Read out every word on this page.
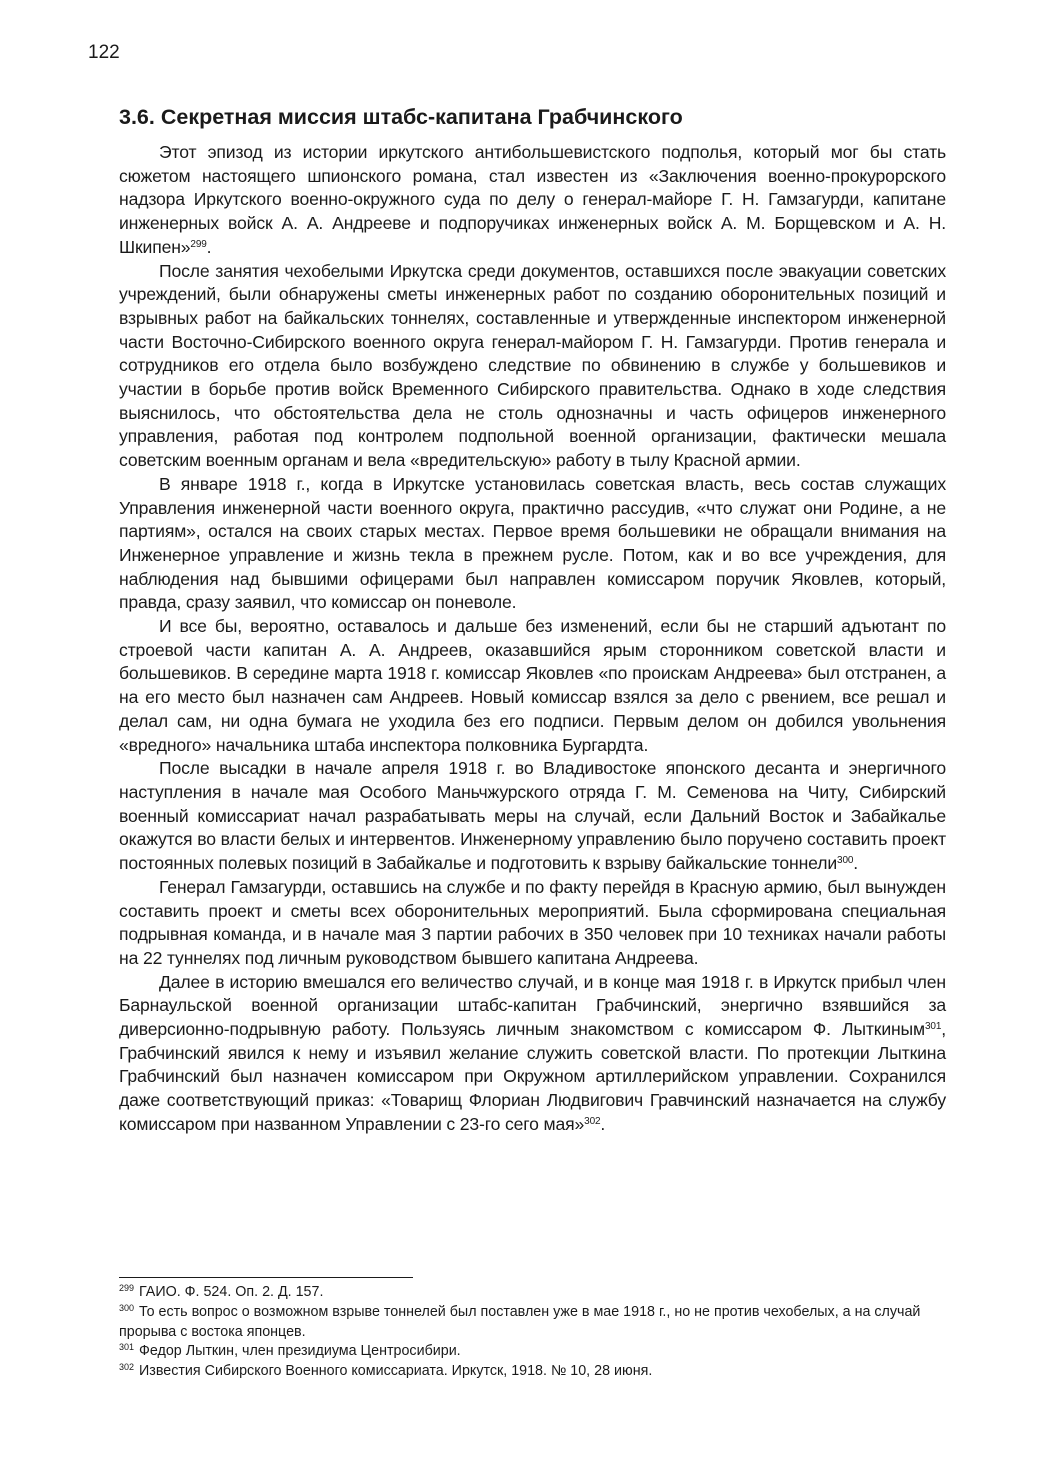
122
3.6. Секретная миссия штабс-капитана Грабчинского

Этот эпизод из истории иркутского антибольшевистского подполья, который мог бы стать сюжетом настоящего шпионского романа, стал известен из «Заключения военно-прокурорского надзора Иркутского военно-окружного суда по делу о генерал-майоре Г. Н. Гамзагурди, капитане инженерных войск А. А. Андрееве и подпоручиках инженерных войск А. М. Борщевском и А. Н. Шкипен»$^{299}$.

После занятия чехобелыми Иркутска среди документов, оставшихся после эвакуации советских учреждений, были обнаружены сметы инженерных работ по созданию оборонительных позиций и взрывных работ на байкальских тоннелях, составленные и утвержденные инспектором инженерной части Восточно-Сибирского военного округа генерал-майором Г. Н. Гамзагурди. Против генерала и сотрудников его отдела было возбуждено следствие по обвинению в службе у большевиков и участии в борьбе против войск Временного Сибирского правительства. Однако в ходе следствия выяснилось, что обстоятельства дела не столь однозначны и часть офицеров инженерного управления, работая под контролем подпольной военной организации, фактически мешала советским военным органам и вела «вредительскую» работу в тылу Красной армии.

В январе 1918 г., когда в Иркутске установилась советская власть, весь состав служащих Управления инженерной части военного округа, практично рассудив, «что служат они Родине, а не партиям», остался на своих старых местах. Первое время большевики не обращали внимания на Инженерное управление и жизнь текла в прежнем русле. Потом, как и во все учреждения, для наблюдения над бывшими офицерами был направлен комиссаром поручик Яковлев, который, правда, сразу заявил, что комиссар он поневоле.

И все бы, вероятно, оставалось и дальше без изменений, если бы не старший адъютант по строевой части капитан А. А. Андреев, оказавшийся ярым сторонником советской власти и большевиков. В середине марта 1918 г. комиссар Яковлев «по проискам Андреева» был отстранен, а на его место был назначен сам Андреев. Новый комиссар взялся за дело с рвением, все решал и делал сам, ни одна бумага не уходила без его подписи. Первым делом он добился увольнения «вредного» начальника штаба инспектора полковника Бургардта.

После высадки в начале апреля 1918 г. во Владивостоке японского десанта и энергичного наступления в начале мая Особого Маньчжурского отряда Г. М. Семенова на Читу, Сибирский военный комиссариат начал разрабатывать меры на случай, если Дальний Восток и Забайкалье окажутся во власти белых и интервентов. Инженерному управлению было поручено составить проект постоянных полевых позиций в Забайкалье и подготовить к взрыву байкальские тоннели$^{300}$.

Генерал Гамзагурди, оставшись на службе и по факту перейдя в Красную армию, был вынужден составить проект и сметы всех оборонительных мероприятий. Была сформирована специальная подрывная команда, и в начале мая 3 партии рабочих в 350 человек при 10 техниках начали работы на 22 туннелях под личным руководством бывшего капитана Андреева.

Далее в историю вмешался его величество случай, и в конце мая 1918 г. в Иркутск прибыл член Барнаульской военной организации штабс-капитан Грабчинский, энергично взявшийся за диверсионно-подрывную работу. Пользуясь личным знакомством с комиссаром Ф. Лыткиным$^{301}$, Грабчинский явился к нему и изъявил желание служить советской власти. По протекции Лыткина Грабчинский был назначен комиссаром при Окружном артиллерийском управлении. Сохранился даже соответствующий приказ: «Товарищ Флориан Людвигович Гравчинский назначается на службу комиссаром при названном Управлении с 23-го сего мая»$^{302}$.

299 ГАИО. Ф. 524. Оп. 2. Д. 157.

300 То есть вопрос о возможном взрыве тоннелей был поставлен уже в мае 1918 г., но не против чехобелых, а на случай прорыва с востока японцев.

301 Федор Лыткин, член президиума Центросибири.

302 Известия Сибирского Военного комиссариата. Иркутск, 1918. № 10, 28 июня.
